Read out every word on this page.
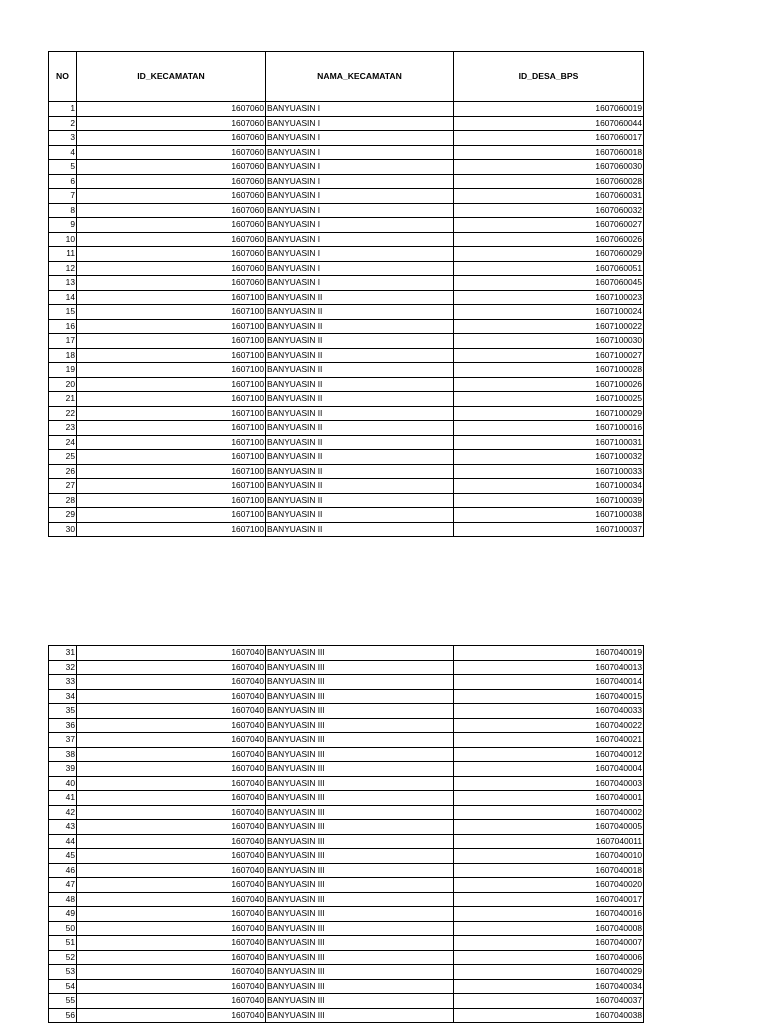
NO	ID_KECAMATAN	NAMA_KECAMATAN	ID_DESA_BPS
1	1607060	BANYUASIN I	1607060019
2	1607060	BANYUASIN I	1607060044
3	1607060	BANYUASIN I	1607060017
4	1607060	BANYUASIN I	1607060018
5	1607060	BANYUASIN I	1607060030
6	1607060	BANYUASIN I	1607060028
7	1607060	BANYUASIN I	1607060031
8	1607060	BANYUASIN I	1607060032
9	1607060	BANYUASIN I	1607060027
10	1607060	BANYUASIN I	1607060026
11	1607060	BANYUASIN I	1607060029
12	1607060	BANYUASIN I	1607060051
13	1607060	BANYUASIN I	1607060045
14	1607100	BANYUASIN II	1607100023
15	1607100	BANYUASIN II	1607100024
16	1607100	BANYUASIN II	1607100022
17	1607100	BANYUASIN II	1607100030
18	1607100	BANYUASIN II	1607100027
19	1607100	BANYUASIN II	1607100028
20	1607100	BANYUASIN II	1607100026
21	1607100	BANYUASIN II	1607100025
22	1607100	BANYUASIN II	1607100029
23	1607100	BANYUASIN II	1607100016
24	1607100	BANYUASIN II	1607100031
25	1607100	BANYUASIN II	1607100032
26	1607100	BANYUASIN II	1607100033
27	1607100	BANYUASIN II	1607100034
28	1607100	BANYUASIN II	1607100039
29	1607100	BANYUASIN II	1607100038
30	1607100	BANYUASIN II	1607100037
31	1607040	BANYUASIN III	1607040019
32	1607040	BANYUASIN III	1607040013
33	1607040	BANYUASIN III	1607040014
34	1607040	BANYUASIN III	1607040015
35	1607040	BANYUASIN III	1607040033
36	1607040	BANYUASIN III	1607040022
37	1607040	BANYUASIN III	1607040021
38	1607040	BANYUASIN III	1607040012
39	1607040	BANYUASIN III	1607040004
40	1607040	BANYUASIN III	1607040003
41	1607040	BANYUASIN III	1607040001
42	1607040	BANYUASIN III	1607040002
43	1607040	BANYUASIN III	1607040005
44	1607040	BANYUASIN III	1607040011
45	1607040	BANYUASIN III	1607040010
46	1607040	BANYUASIN III	1607040018
47	1607040	BANYUASIN III	1607040020
48	1607040	BANYUASIN III	1607040017
49	1607040	BANYUASIN III	1607040016
50	1607040	BANYUASIN III	1607040008
51	1607040	BANYUASIN III	1607040007
52	1607040	BANYUASIN III	1607040006
53	1607040	BANYUASIN III	1607040029
54	1607040	BANYUASIN III	1607040034
55	1607040	BANYUASIN III	1607040037
56	1607040	BANYUASIN III	1607040038
